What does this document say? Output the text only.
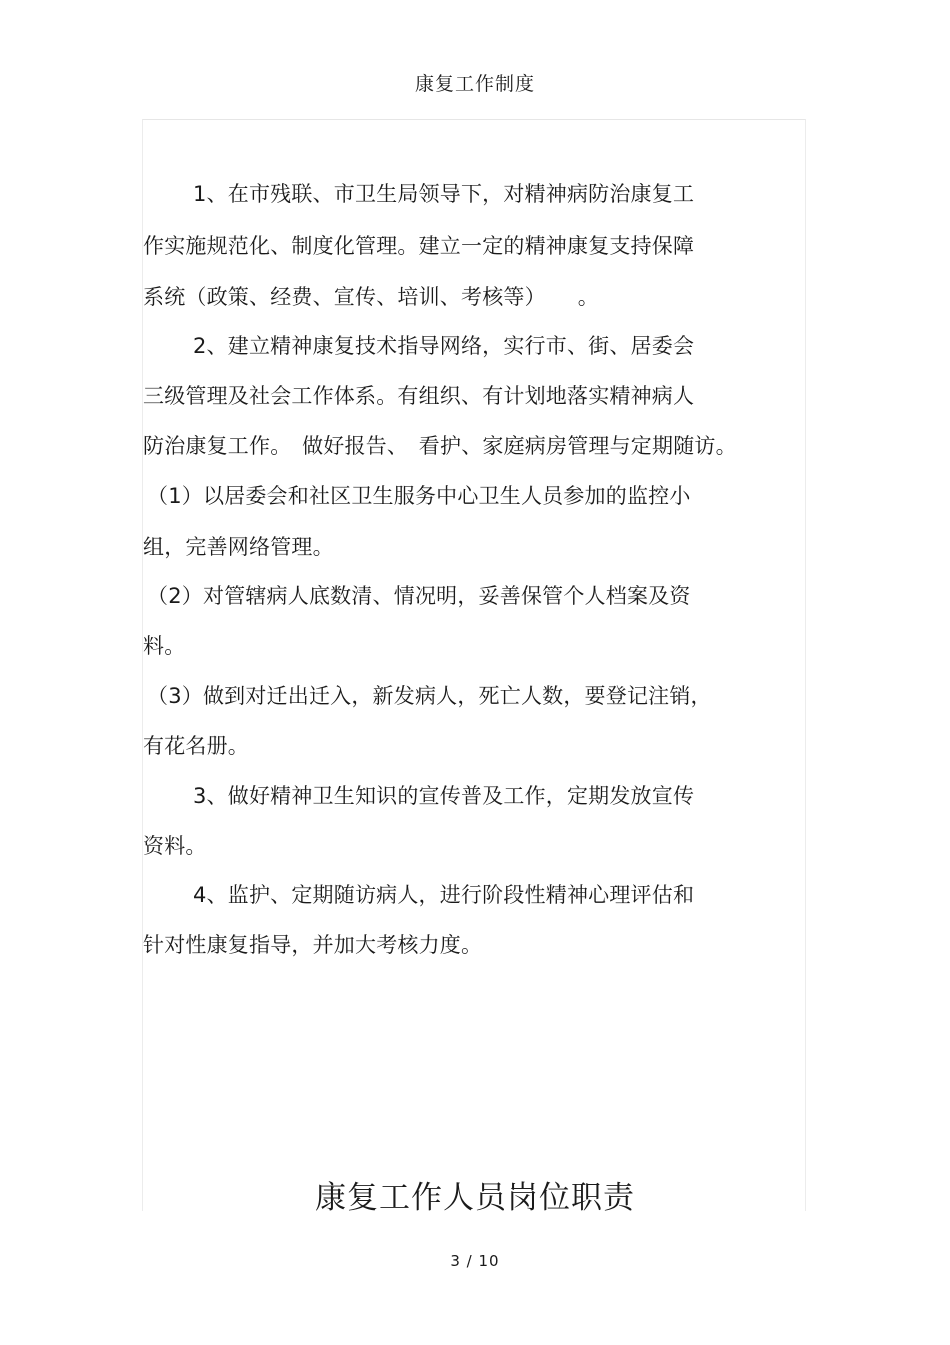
康复工作制度
1、在市残联、市卫生局领导下，对精神病防治康复工
作实施规范化、制度化管理。建立一定的精神康复支持保障
系统（政策、经费、宣传、培训、考核等）　　。
2、建立精神康复技术指导网络，实行市、街、居委会
三级管理及社会工作体系。有组织、有计划地落实精神病人
防治康复工作。　做好报告、　看护、家庭病房管理与定期随访。
（1）以居委会和社区卫生服务中心卫生人员参加的监控小
组，完善网络管理。
（2）对管辖病人底数清、情况明，妥善保管个人档案及资
料。
（3）做到对迁出迁入，新发病人，死亡人数，要登记注销，
有花名册。
3、做好精神卫生知识的宣传普及工作，定期发放宣传
资料。
4、监护、定期随访病人，进行阶段性精神心理评估和
针对性康复指导，并加大考核力度。
康复工作人员岗位职责
3 / 10
